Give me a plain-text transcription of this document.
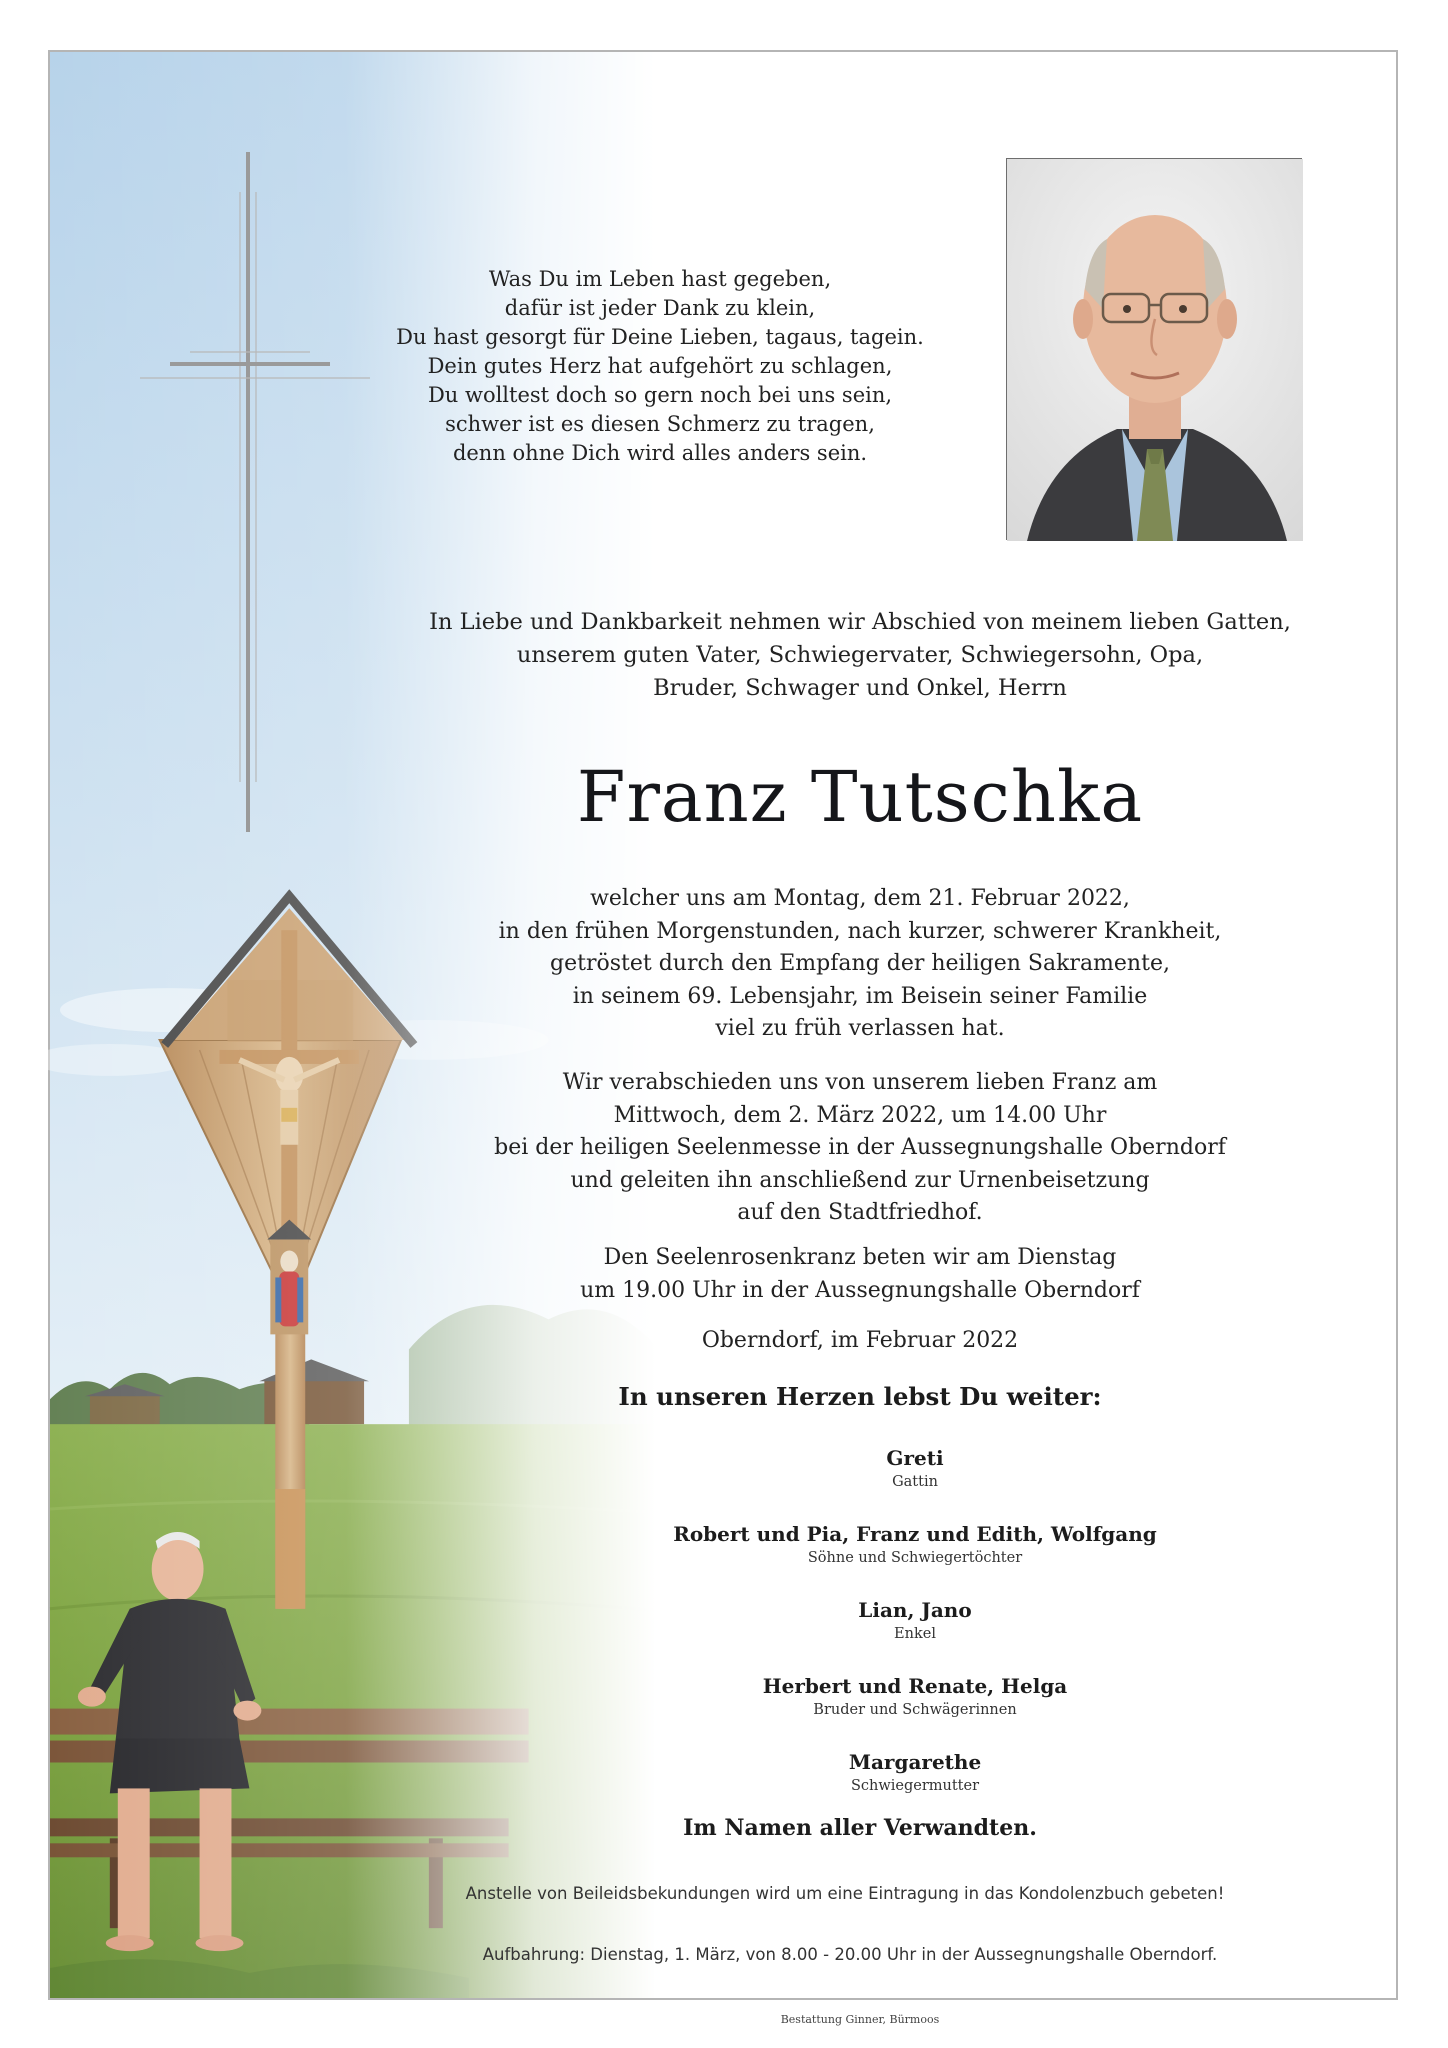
Was Du im Leben hast gegeben,
dafür ist jeder Dank zu klein,
Du hast gesorgt für Deine Lieben, tagaus, tagein.
Dein gutes Herz hat aufgehört zu schlagen,
Du wolltest doch so gern noch bei uns sein,
schwer ist es diesen Schmerz zu tragen,
denn ohne Dich wird alles anders sein.
In Liebe und Dankbarkeit nehmen wir Abschied von meinem lieben Gatten,
unserem guten Vater, Schwiegervater, Schwiegersohn, Opa,
Bruder, Schwager und Onkel, Herrn
Franz Tutschka
welcher uns am Montag, dem 21. Februar 2022,
in den frühen Morgenstunden, nach kurzer, schwerer Krankheit,
getröstet durch den Empfang der heiligen Sakramente,
in seinem 69. Lebensjahr, im Beisein seiner Familie
viel zu früh verlassen hat.
Wir verabschieden uns von unserem lieben Franz am
Mittwoch, dem 2. März 2022, um 14.00 Uhr
bei der heiligen Seelenmesse in der Aussegnungshalle Oberndorf
und geleiten ihn anschließend zur Urnenbeisetzung
auf den Stadtfriedhof.
Den Seelenrosenkranz beten wir am Dienstag
um 19.00 Uhr in der Aussegnungshalle Oberndorf
Oberndorf, im Februar 2022
In unseren Herzen lebst Du weiter:
Greti
Gattin
Robert und Pia, Franz und Edith, Wolfgang
Söhne und Schwiegertöchter
Lian, Jano
Enkel
Herbert und Renate, Helga
Bruder und Schwägerinnen
Margarethe
Schwiegermutter
Im Namen aller Verwandten.
Anstelle von Beileidsbekundungen wird um eine Eintragung in das Kondolenzbuch gebeten!
Aufbahrung: Dienstag, 1. März, von 8.00 - 20.00 Uhr in der Aussegnungshalle Oberndorf.
Bestattung Ginner, Bürmoos
